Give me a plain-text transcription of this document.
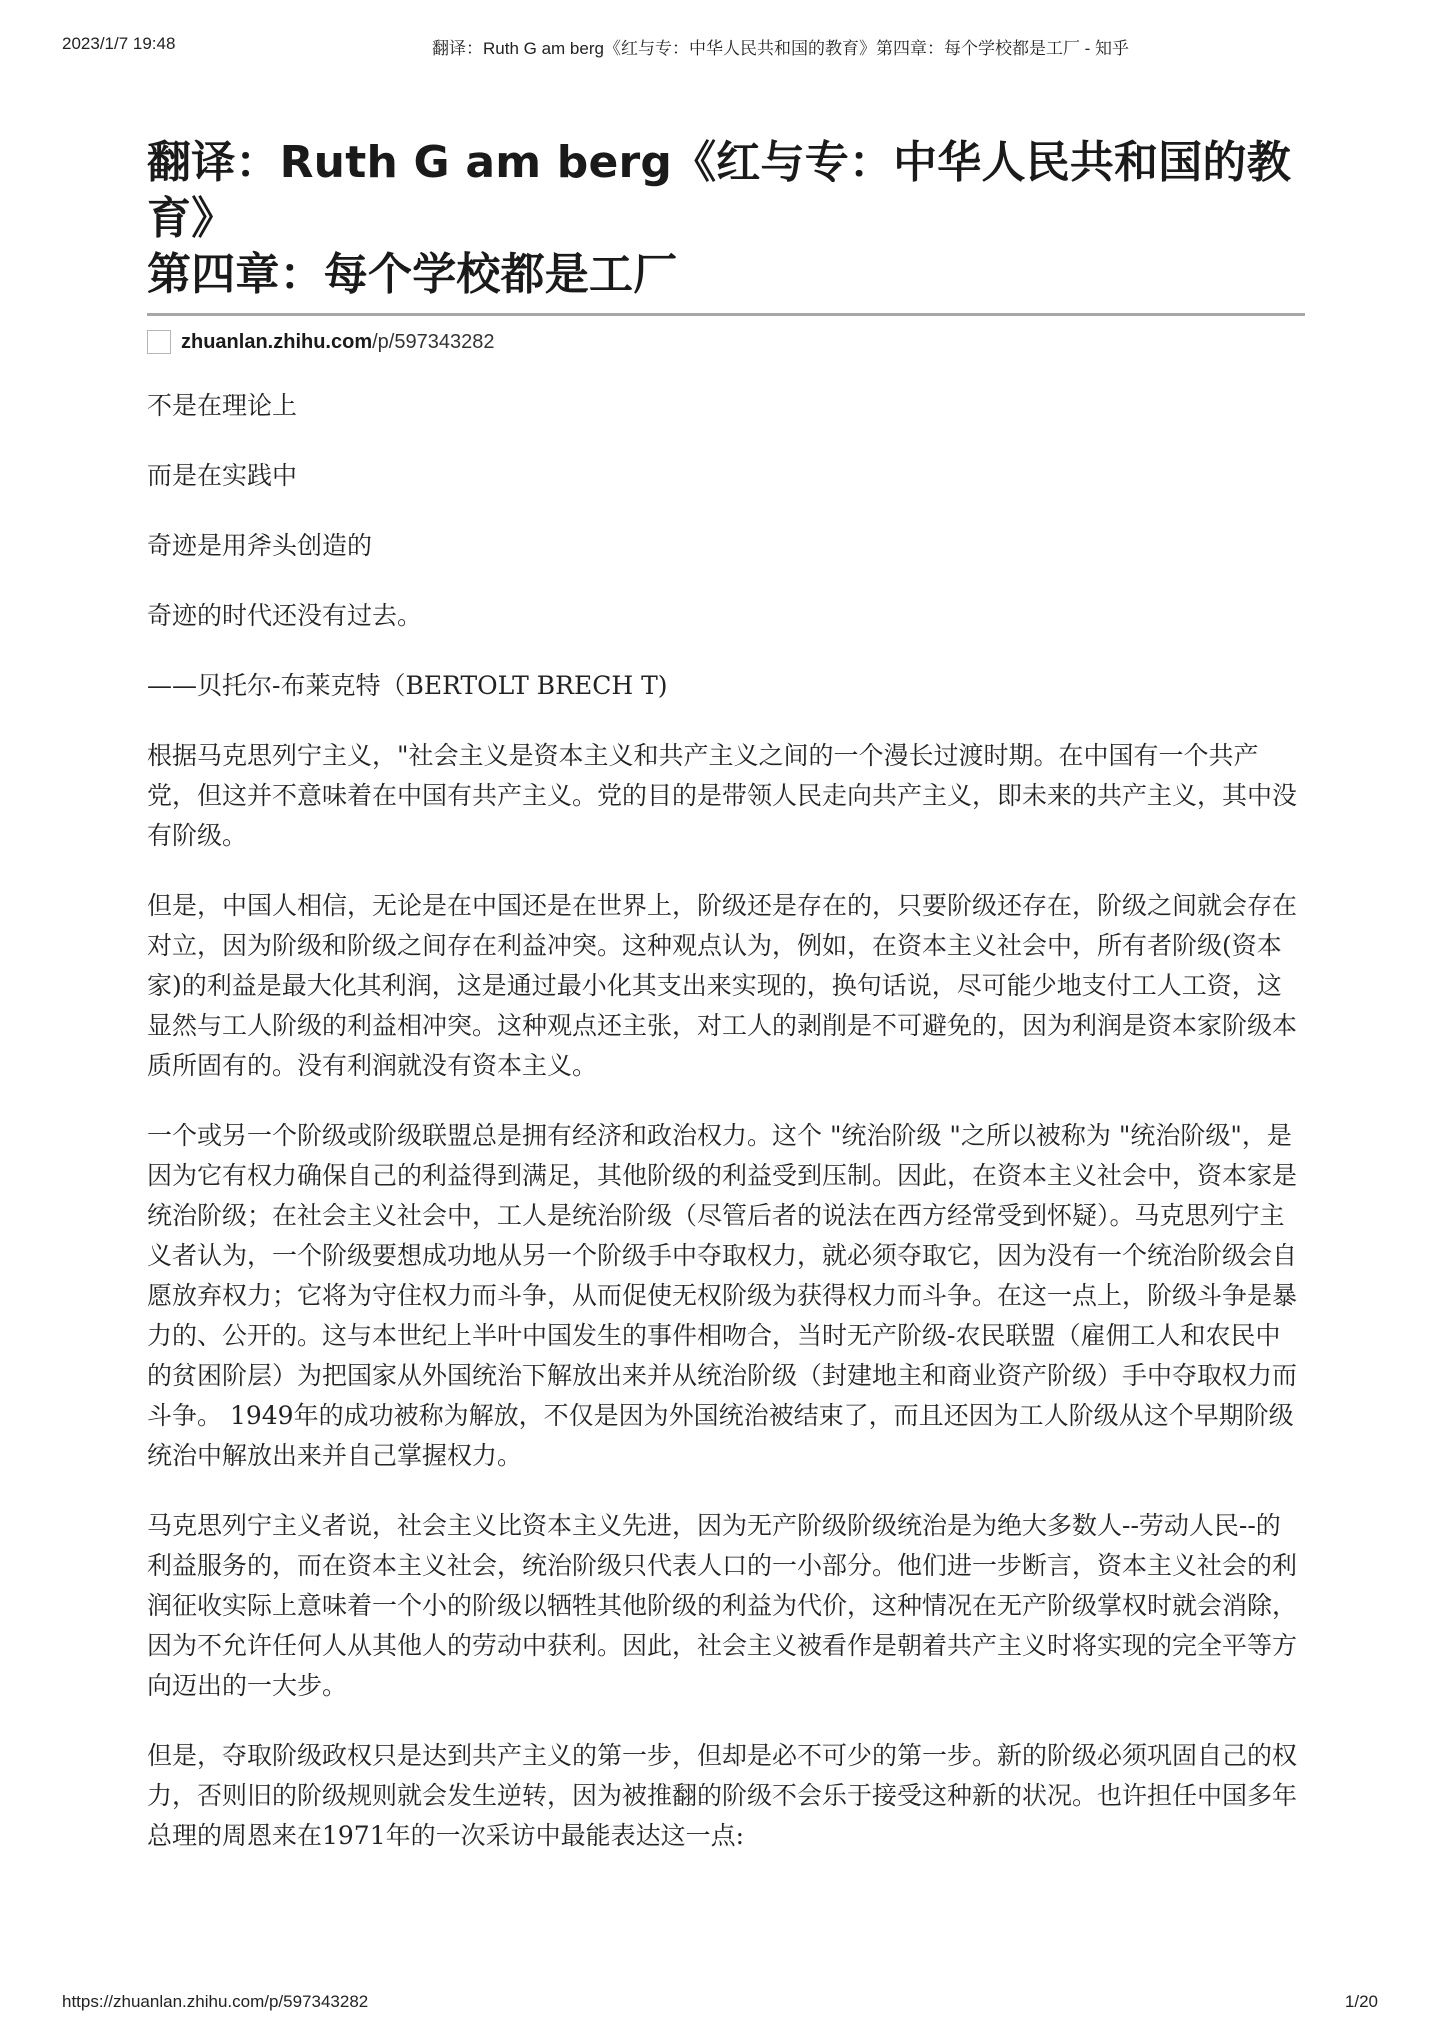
2023/1/7 19:48	翻译：Ruth G am berg《红与专：中华人民共和国的教育》第四章：每个学校都是工厂 - 知乎
翻译：Ruth G am berg《红与专：中华人民共和国的教育》
第四章：每个学校都是工厂
zhuanlan.zhihu.com /p/597343282

不是在理论上

而是在实践中

奇迹是用斧头创造的

奇迹的时代还没有过去。

——贝托尔-布莱克特（BERTOLT BRECH T)

根据马克思列宁主义，"社会主义是资本主义和共产主义之间的一个漫长过渡时期。在中国有一个共产党，但这并不意味着在中国有共产主义。党的目的是带领人民走向共产主义，即未来的共产主义，其中没有阶级。

但是，中国人相信，无论是在中国还是在世界上，阶级还是存在的，只要阶级还存在，阶级之间就会存在对立，因为阶级和阶级之间存在利益冲突。这种观点认为，例如，在资本主义社会中，所有者阶级(资本家)的利益是最大化其利润，这是通过最小化其支出来实现的，换句话说，尽可能少地支付工人工资，这显然与工人阶级的利益相冲突。这种观点还主张，对工人的剥削是不可避免的，因为利润是资本家阶级本质所固有的。没有利润就没有资本主义。

一个或另一个阶级或阶级联盟总是拥有经济和政治权力。这个 "统治阶级 "之所以被称为 "统治阶级"，是因为它有权力确保自己的利益得到满足，其他阶级的利益受到压制。因此，在资本主义社会中，资本家是统治阶级；在社会主义社会中，工人是统治阶级（尽管后者的说法在西方经常受到怀疑）。马克思列宁主义者认为，一个阶级要想成功地从另一个阶级手中夺取权力，就必须夺取它，因为没有一个统治阶级会自愿放弃权力；它将为守住权力而斗争，从而促使无权阶级为获得权力而斗争。在这一点上，阶级斗争是暴力的、公开的。这与本世纪上半叶中国发生的事件相吻合，当时无产阶级-农民联盟（雇佣工人和农民中的贫困阶层）为把国家从外国统治下解放出来并从统治阶级（封建地主和商业资产阶级）手中夺取权力而斗争。 1949年的成功被称为解放，不仅是因为外国统治被结束了，而且还因为工人阶级从这个早期阶级统治中解放出来并自己掌握权力。

马克思列宁主义者说，社会主义比资本主义先进，因为无产阶级阶级统治是为绝大多数人--劳动人民--的利益服务的，而在资本主义社会，统治阶级只代表人口的一小部分。他们进一步断言，资本主义社会的利润征收实际上意味着一个小的阶级以牺牲其他阶级的利益为代价，这种情况在无产阶级掌权时就会消除，因为不允许任何人从其他人的劳动中获利。因此，社会主义被看作是朝着共产主义时将实现的完全平等方向迈出的一大步。

但是，夺取阶级政权只是达到共产主义的第一步，但却是必不可少的第一步。新的阶级必须巩固自己的权力，否则旧的阶级规则就会发生逆转，因为被推翻的阶级不会乐于接受这种新的状况。也许担任中国多年总理的周恩来在1971年的一次采访中最能表达这一点:

https://zhuanlan.zhihu.com/p/597343282	1/20
